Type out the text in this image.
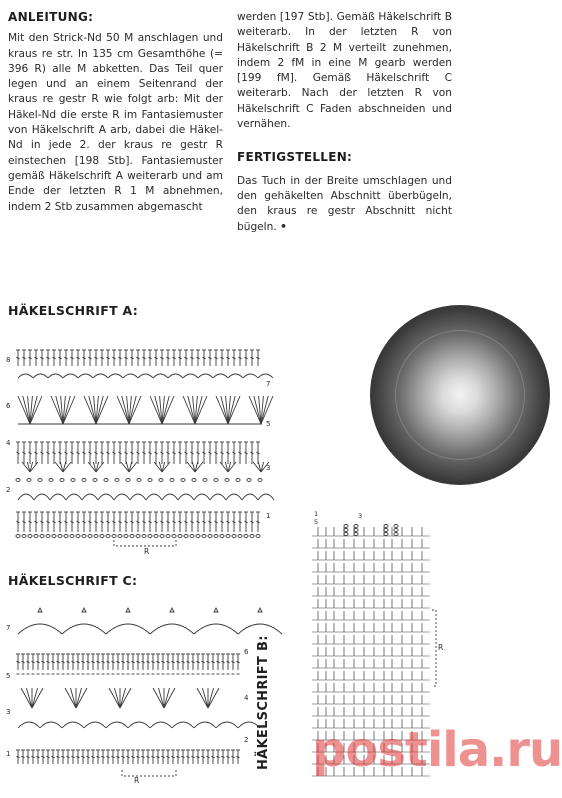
ANLEITUNG:

Mit den Strick-Nd 50 M anschlagen und kraus re str. In 135 cm Gesamthöhe (= 396 R) alle M abketten. Das Teil quer legen und an einem Seitenrand der kraus re gestr R wie folgt arb: Mit der Häkel-Nd die erste R im Fantasiemuster von Häkelschrift A arb, dabei die Häkel-Nd in jede 2. der kraus re gestr R einstechen [198 Stb]. Fantasiemuster gemäß Häkelschrift A weiterarb und am Ende der letzten R 1 M abnehmen, indem 2 Stb zusammen abgemascht

werden [197 Stb]. Gemäß Häkelschrift B weiterarb. In der letzten R von Häkelschrift B 2 M verteilt zunehmen, indem 2 fM in eine M gearb werden [199 fM]. Gemäß Häkelschrift C weiterarb. Nach der letzten R von Häkelschrift C Faden abschneiden und vernähen.

FERTIGSTELLEN:

Das Tuch in der Breite umschlagen und den gehäkelten Abschnitt überbügeln, den kraus re gestr Abschnitt nicht bügeln. •

HÄKELSCHRIFT A:
8
6
4
2
7
5
3
1
R
HÄKELSCHRIFT C:
7
5
3
1
6
4
2
R
HÄKELSCHRIFT B:
1
5
3
R
postila.ru
